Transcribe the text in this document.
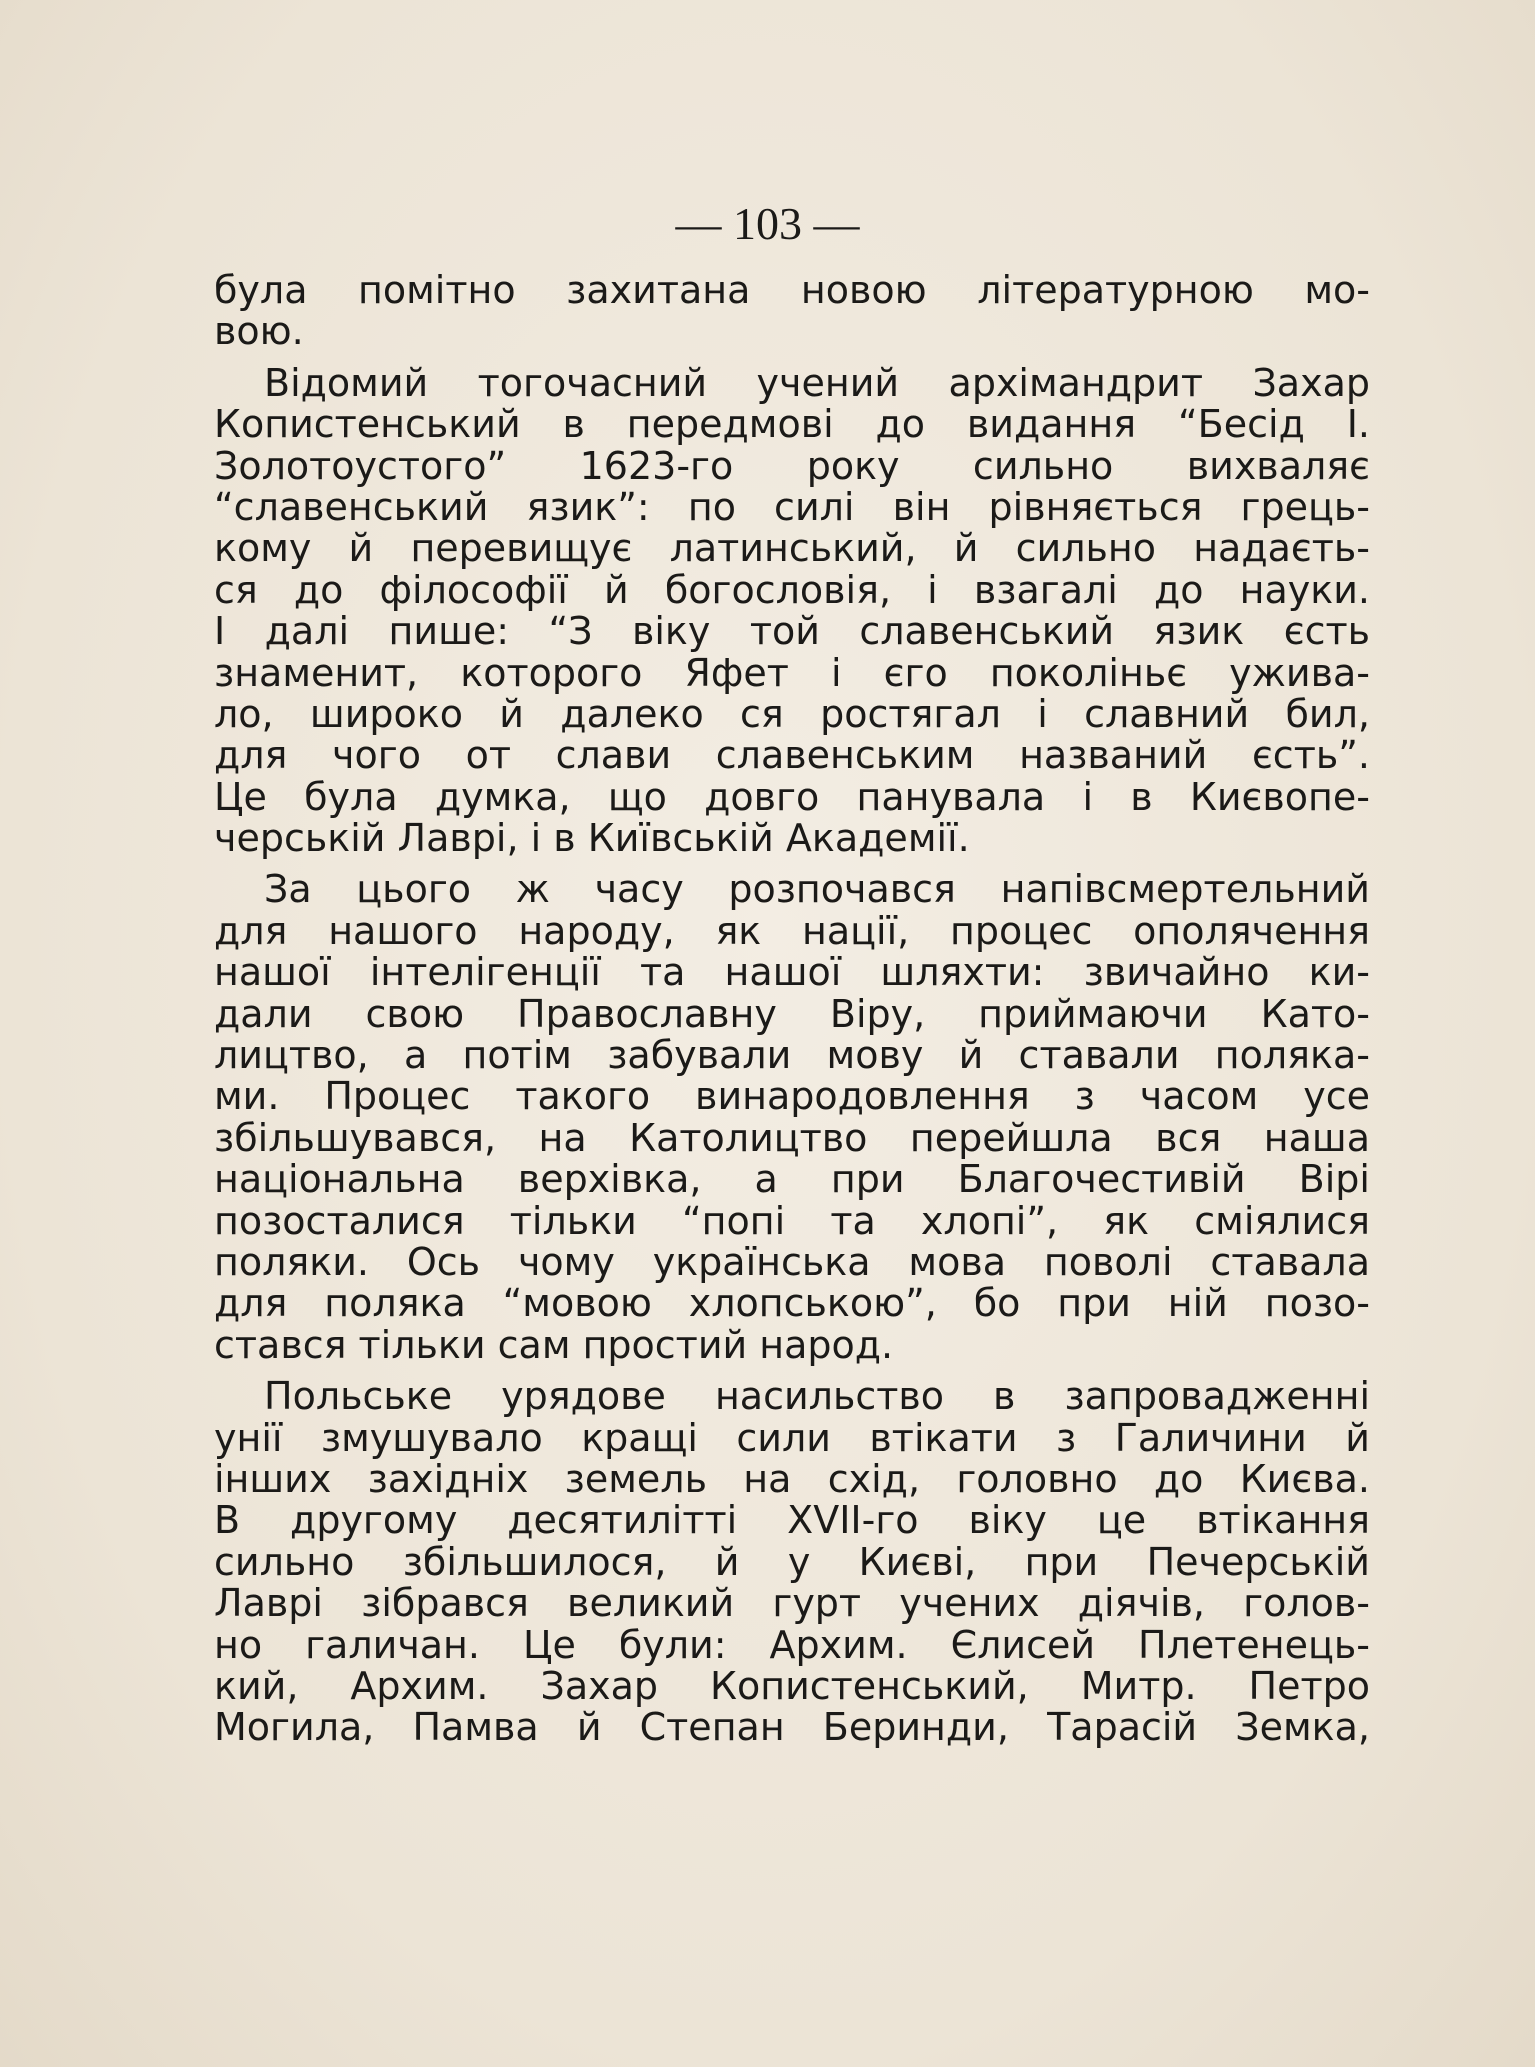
— 103 —
була помітно захитана новою літературною мо-
вою.
Відомий тогочасний учений архімандрит Захар
Копистенський в передмові до видання “Бесід І.
Золотоустого” 1623-го року сильно вихваляє
“славенський язик”: по силі він рівняється грець-
кому й перевищує латинський, й сильно надаєть-
ся до філософії й богословія, і взагалі до науки.
І далі пише: “З віку той славенський язик єсть
знаменит, которого Яфет і єго поколіньє ужива-
ло, широко й далеко ся ростягал і славний бил,
для чого от слави славенським названий єсть”.
Це була думка, що довго панувала і в Києвопе-
черській Лаврі, і в Київській Академії.
За цього ж часу розпочався напівсмертельний
для нашого народу, як нації, процес ополячення
нашої інтелігенції та нашої шляхти: звичайно ки-
дали свою Православну Віру, приймаючи Като-
лицтво, а потім забували мову й ставали поляка-
ми. Процес такого винародовлення з часом усе
збільшувався, на Католицтво перейшла вся наша
національна верхівка, а при Благочестивій Вірі
позосталися тільки “попі та хлопі”, як сміялися
поляки. Ось чому українська мова поволі ставала
для поляка “мовою хлопською”, бо при ній позо-
стався тільки сам простий народ.
Польське урядове насильство в запровадженні
унії змушувало кращі сили втікати з Галичини й
інших західніх земель на схід, головно до Києва.
В другому десятилітті XVII-го віку це втікання
сильно збільшилося, й у Києві, при Печерській
Лаврі зібрався великий гурт учених діячів, голов-
но галичан. Це були: Архим. Єлисей Плетенець-
кий, Архим. Захар Копистенський, Митр. Петро
Могила, Памва й Степан Беринди, Тарасій Земка,
